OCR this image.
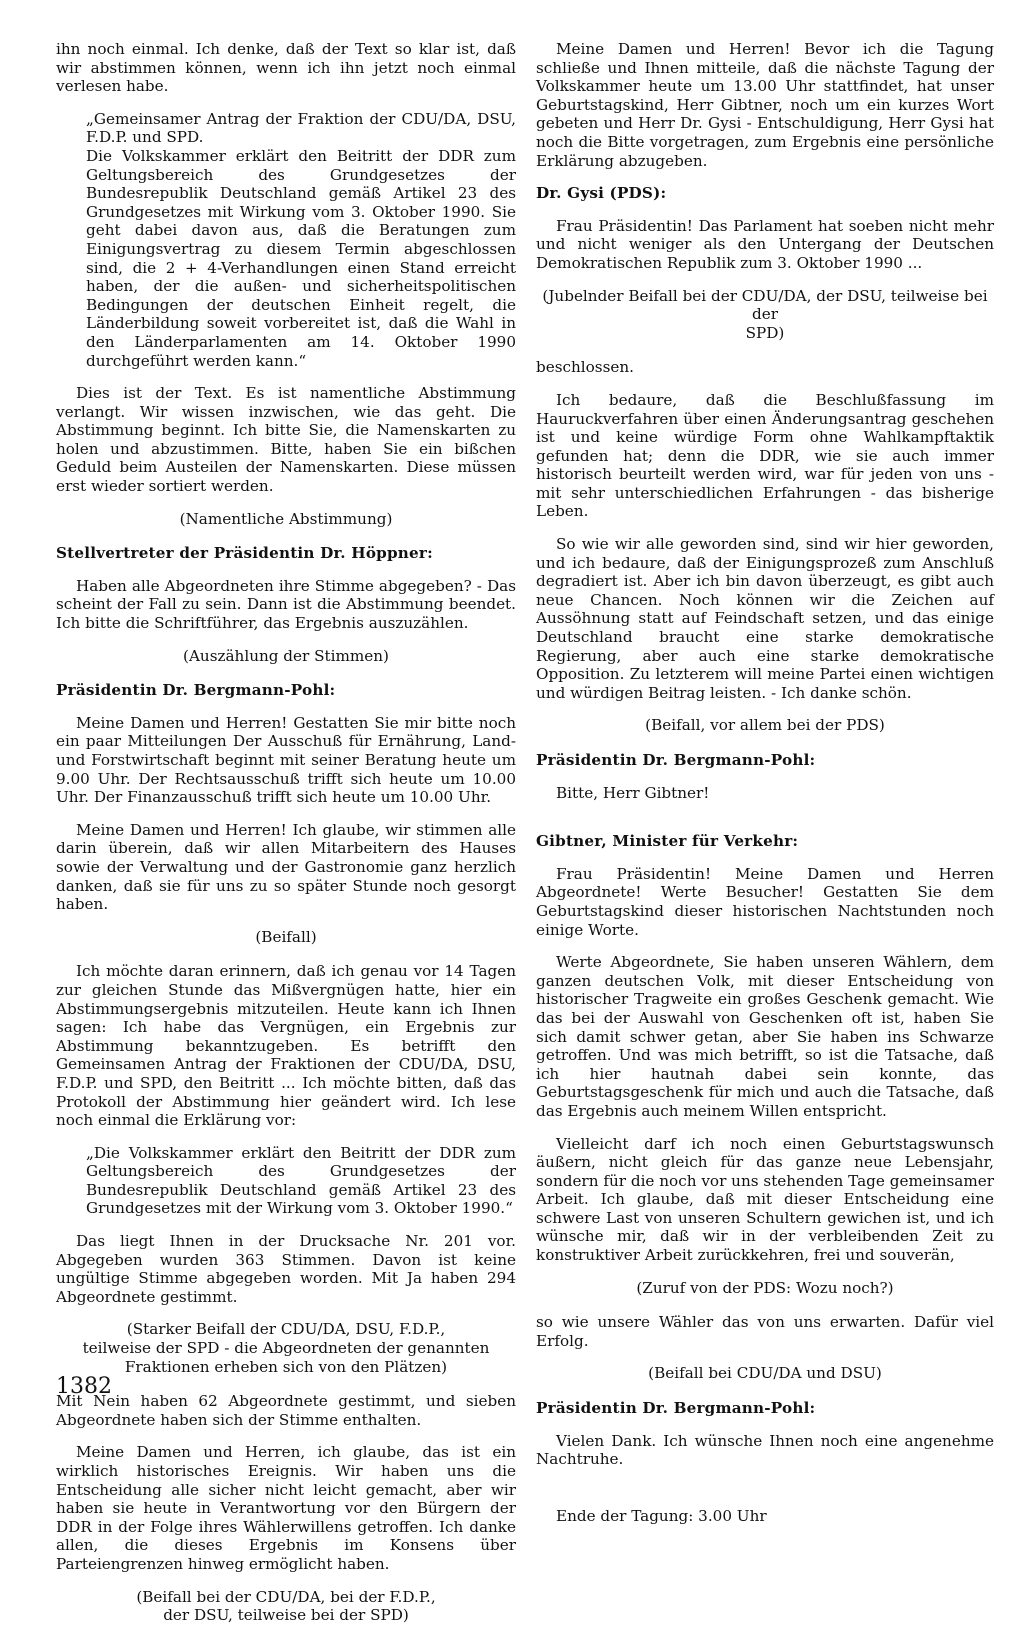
ihn noch einmal. Ich denke, daß der Text so klar ist, daß wir abstimmen können, wenn ich ihn jetzt noch einmal verlesen habe.

„Gemeinsamer Antrag der Fraktion der CDU/DA, DSU, F.D.P. und SPD.
Die Volkskammer erklärt den Beitritt der DDR zum Geltungsbereich des Grundgesetzes der Bundesrepublik Deutschland gemäß Artikel 23 des Grundgesetzes mit Wirkung vom 3. Oktober 1990. Sie geht dabei davon aus, daß die Beratungen zum Einigungsvertrag zu diesem Termin abgeschlossen sind, die 2 + 4-Verhandlungen einen Stand erreicht haben, der die außen- und sicherheitspolitischen Bedingungen der deutschen Einheit regelt, die Länderbildung soweit vorbereitet ist, daß die Wahl in den Länderparlamenten am 14. Oktober 1990 durchgeführt werden kann.“

Dies ist der Text. Es ist namentliche Abstimmung verlangt. Wir wissen inzwischen, wie das geht. Die Abstimmung beginnt. Ich bitte Sie, die Namenskarten zu holen und abzustimmen. Bitte, haben Sie ein bißchen Geduld beim Austeilen der Namenskarten. Diese müssen erst wieder sortiert werden.

(Namentliche Abstimmung)
Stellvertreter der Präsidentin Dr. Höppner:

Haben alle Abgeordneten ihre Stimme abgegeben? - Das scheint der Fall zu sein. Dann ist die Abstimmung beendet. Ich bitte die Schriftführer, das Ergebnis auszuzählen.

(Auszählung der Stimmen)
Präsidentin Dr. Bergmann-Pohl:

Meine Damen und Herren! Gestatten Sie mir bitte noch ein paar Mitteilungen Der Ausschuß für Ernährung, Land- und Forstwirtschaft beginnt mit seiner Beratung heute um 9.00 Uhr. Der Rechtsausschuß trifft sich heute um 10.00 Uhr. Der Finanzausschuß trifft sich heute um 10.00 Uhr.

Meine Damen und Herren! Ich glaube, wir stimmen alle darin überein, daß wir allen Mitarbeitern des Hauses sowie der Verwaltung und der Gastronomie ganz herzlich danken, daß sie für uns zu so später Stunde noch gesorgt haben.

(Beifall)

Ich möchte daran erinnern, daß ich genau vor 14 Tagen zur gleichen Stunde das Mißvergnügen hatte, hier ein Abstimmungsergebnis mitzuteilen. Heute kann ich Ihnen sagen: Ich habe das Vergnügen, ein Ergebnis zur Abstimmung bekanntzugeben. Es betrifft den Gemeinsamen Antrag der Fraktionen der CDU/DA, DSU, F.D.P. und SPD, den Beitritt ... Ich möchte bitten, daß das Protokoll der Abstimmung hier geändert wird. Ich lese noch einmal die Erklärung vor:

„Die Volkskammer erklärt den Beitritt der DDR zum Geltungsbereich des Grundgesetzes der Bundesrepublik Deutschland gemäß Artikel 23 des Grundgesetzes mit der Wirkung vom 3. Oktober 1990.“

Das liegt Ihnen in der Drucksache Nr. 201 vor. Abgegeben wurden 363 Stimmen. Davon ist keine ungültige Stimme abgegeben worden. Mit Ja haben 294 Abgeordnete gestimmt.

(Starker Beifall der CDU/DA, DSU, F.D.P.,
teilweise der SPD - die Abgeordneten der genannten
Fraktionen erheben sich von den Plätzen)

Mit Nein haben 62 Abgeordnete gestimmt, und sieben Abgeordnete haben sich der Stimme enthalten.

Meine Damen und Herren, ich glaube, das ist ein wirklich historisches Ereignis. Wir haben uns die Entscheidung alle sicher nicht leicht gemacht, aber wir haben sie heute in Verantwortung vor den Bürgern der DDR in der Folge ihres Wählerwillens getroffen. Ich danke allen, die dieses Ergebnis im Konsens über Parteiengrenzen hinweg ermöglicht haben.

(Beifall bei der CDU/DA, bei der F.D.P.,
der DSU, teilweise bei der SPD)

Meine Damen und Herren! Bevor ich die Tagung schließe und Ihnen mitteile, daß die nächste Tagung der Volkskammer heute um 13.00 Uhr stattfindet, hat unser Geburtstagskind, Herr Gibtner, noch um ein kurzes Wort gebeten und Herr Dr. Gysi - Entschuldigung, Herr Gysi hat noch die Bitte vorgetragen, zum Ergebnis eine persönliche Erklärung abzugeben.

Dr. Gysi (PDS):

Frau Präsidentin! Das Parlament hat soeben nicht mehr und nicht weniger als den Untergang der Deutschen Demokratischen Republik zum 3. Oktober 1990 ...

(Jubelnder Beifall bei der CDU/DA, der DSU, teilweise bei der
SPD)

beschlossen.

Ich bedaure, daß die Beschlußfassung im Hauruckverfahren über einen Änderungsantrag geschehen ist und keine würdige Form ohne Wahlkampftaktik gefunden hat; denn die DDR, wie sie auch immer historisch beurteilt werden wird, war für jeden von uns - mit sehr unterschiedlichen Erfahrungen - das bisherige Leben.

So wie wir alle geworden sind, sind wir hier geworden, und ich bedaure, daß der Einigungsprozeß zum Anschluß degradiert ist. Aber ich bin davon überzeugt, es gibt auch neue Chancen. Noch können wir die Zeichen auf Aussöhnung statt auf Feindschaft setzen, und das einige Deutschland braucht eine starke demokratische Regierung, aber auch eine starke demokratische Opposition. Zu letzterem will meine Partei einen wichtigen und würdigen Beitrag leisten. - Ich danke schön.

(Beifall, vor allem bei der PDS)
Präsidentin Dr. Bergmann-Pohl:

Bitte, Herr Gibtner!

Gibtner, Minister für Verkehr:

Frau Präsidentin! Meine Damen und Herren Abgeordnete! Werte Besucher! Gestatten Sie dem Geburtstagskind dieser historischen Nachtstunden noch einige Worte.

Werte Abgeordnete, Sie haben unseren Wählern, dem ganzen deutschen Volk, mit dieser Entscheidung von historischer Tragweite ein großes Geschenk gemacht. Wie das bei der Auswahl von Geschenken oft ist, haben Sie sich damit schwer getan, aber Sie haben ins Schwarze getroffen. Und was mich betrifft, so ist die Tatsache, daß ich hier hautnah dabei sein konnte, das Geburtstagsgeschenk für mich und auch die Tatsache, daß das Ergebnis auch meinem Willen entspricht.

Vielleicht darf ich noch einen Geburtstagswunsch äußern, nicht gleich für das ganze neue Lebensjahr, sondern für die noch vor uns stehenden Tage gemeinsamer Arbeit. Ich glaube, daß mit dieser Entscheidung eine schwere Last von unseren Schultern gewichen ist, und ich wünsche mir, daß wir in der verbleibenden Zeit zu konstruktiver Arbeit zurückkehren, frei und souverän,

(Zuruf von der PDS: Wozu noch?)

so wie unsere Wähler das von uns erwarten. Dafür viel Erfolg.

(Beifall bei CDU/DA und DSU)
Präsidentin Dr. Bergmann-Pohl:

Vielen Dank. Ich wünsche Ihnen noch eine angenehme Nachtruhe.

Ende der Tagung: 3.00 Uhr

1382
